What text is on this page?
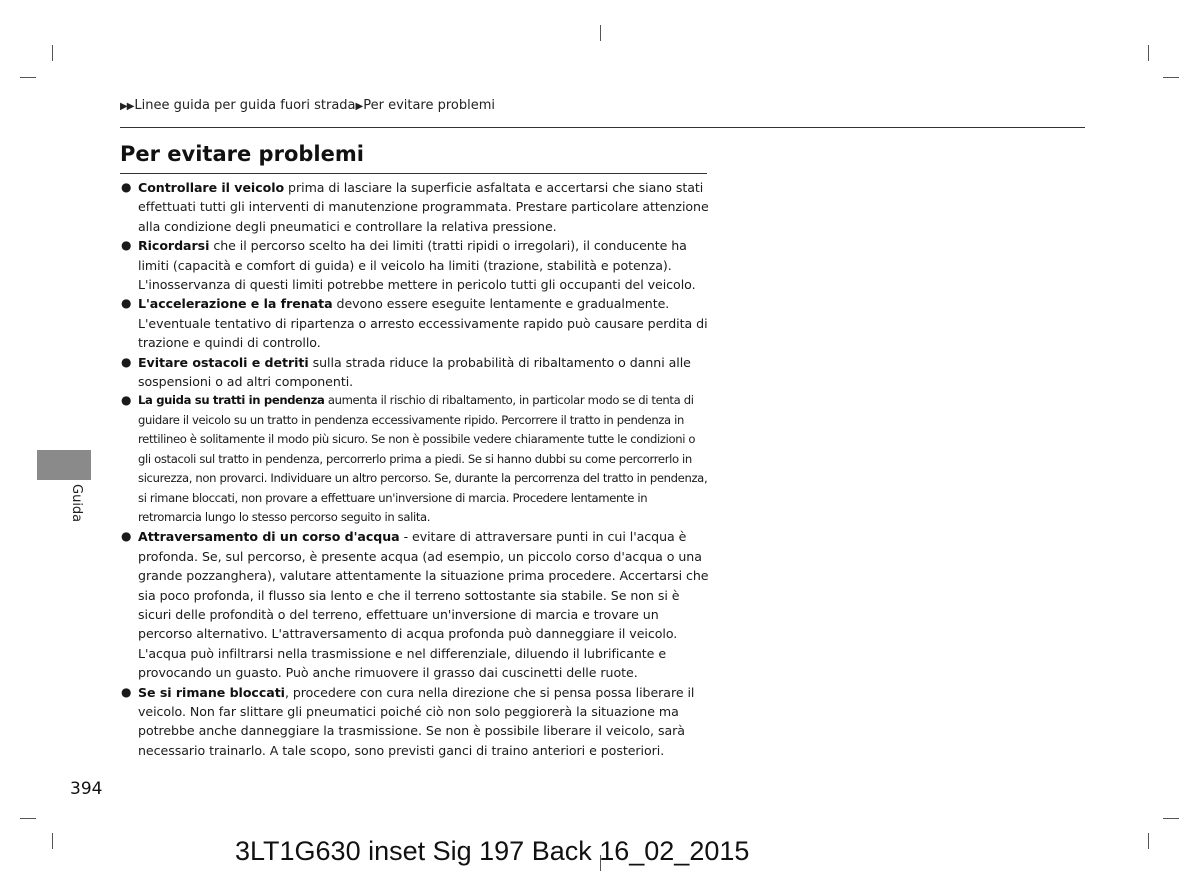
▶▶Linee guida per guida fuori strada▶Per evitare problemi
Per evitare problemi
● Controllare il veicolo prima di lasciare la superficie asfaltata e accertarsi che siano stati effettuati tutti gli interventi di manutenzione programmata. Prestare particolare attenzione alla condizione degli pneumatici e controllare la relativa pressione.
● Ricordarsi che il percorso scelto ha dei limiti (tratti ripidi o irregolari), il conducente ha limiti (capacità e comfort di guida) e il veicolo ha limiti (trazione, stabilità e potenza). L'inosservanza di questi limiti potrebbe mettere in pericolo tutti gli occupanti del veicolo.
● L'accelerazione e la frenata devono essere eseguite lentamente e gradualmente. L'eventuale tentativo di ripartenza o arresto eccessivamente rapido può causare perdita di trazione e quindi di controllo.
● Evitare ostacoli e detriti sulla strada riduce la probabilità di ribaltamento o danni alle sospensioni o ad altri componenti.
● La guida su tratti in pendenza aumenta il rischio di ribaltamento, in particolar modo se di tenta di guidare il veicolo su un tratto in pendenza eccessivamente ripido. Percorrere il tratto in pendenza in rettilineo è solitamente il modo più sicuro. Se non è possibile vedere chiaramente tutte le condizioni o gli ostacoli sul tratto in pendenza, percorrerlo prima a piedi. Se si hanno dubbi su come percorrerlo in sicurezza, non provarci. Individuare un altro percorso. Se, durante la percorrenza del tratto in pendenza, si rimane bloccati, non provare a effettuare un'inversione di marcia. Procedere lentamente in retromarcia lungo lo stesso percorso seguito in salita.
● Attraversamento di un corso d'acqua - evitare di attraversare punti in cui l'acqua è profonda. Se, sul percorso, è presente acqua (ad esempio, un piccolo corso d'acqua o una grande pozzanghera), valutare attentamente la situazione prima procedere. Accertarsi che sia poco profonda, il flusso sia lento e che il terreno sottostante sia stabile. Se non si è sicuri delle profondità o del terreno, effettuare un'inversione di marcia e trovare un percorso alternativo. L'attraversamento di acqua profonda può danneggiare il veicolo. L'acqua può infiltrarsi nella trasmissione e nel differenziale, diluendo il lubrificante e provocando un guasto. Può anche rimuovere il grasso dai cuscinetti delle ruote.
● Se si rimane bloccati, procedere con cura nella direzione che si pensa possa liberare il veicolo. Non far slittare gli pneumatici poiché ciò non solo peggiorerà la situazione ma potrebbe anche danneggiare la trasmissione. Se non è possibile liberare il veicolo, sarà necessario trainarlo. A tale scopo, sono previsti ganci di traino anteriori e posteriori.
Guida
394
3LT1G630 inset Sig 197 Back 16_02_2015
